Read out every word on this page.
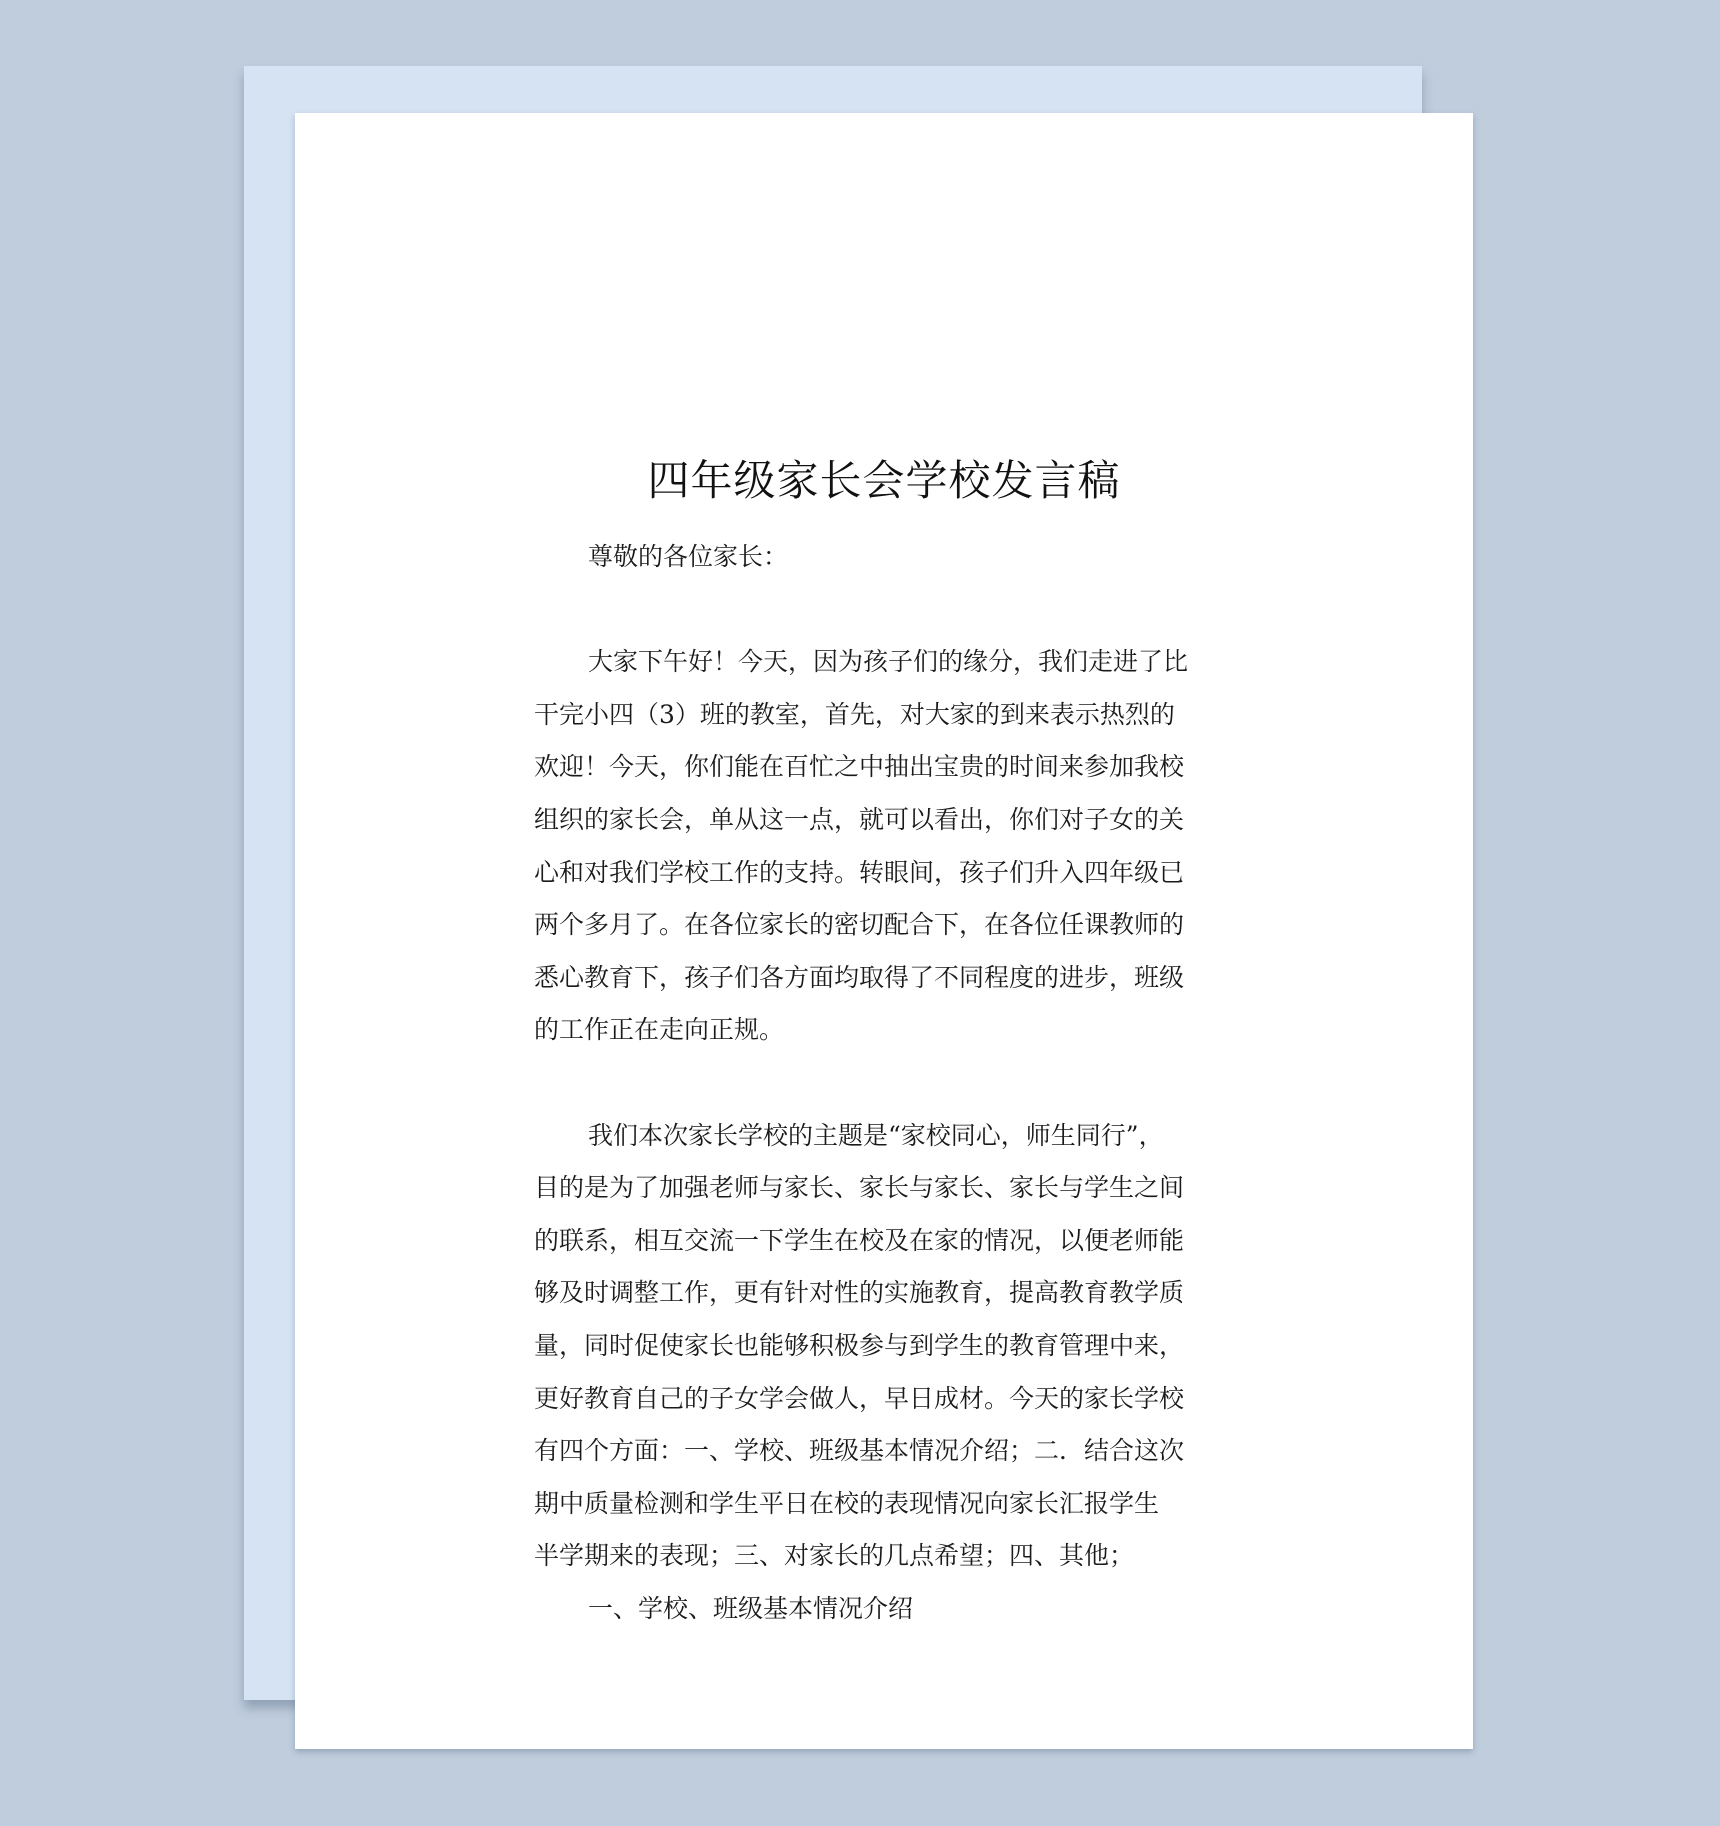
四年级家长会学校发言稿
尊敬的各位家长：
大家下午好！今天，因为孩子们的缘分，我们走进了比
干完小四（3）班的教室，首先，对大家的到来表示热烈的
欢迎！今天，你们能在百忙之中抽出宝贵的时间来参加我校
组织的家长会，单从这一点，就可以看出，你们对子女的关
心和对我们学校工作的支持。转眼间，孩子们升入四年级已
两个多月了。在各位家长的密切配合下，在各位任课教师的
悉心教育下，孩子们各方面均取得了不同程度的进步，班级
的工作正在走向正规。
我们本次家长学校的主题是“家校同心，师生同行”，
目的是为了加强老师与家长、家长与家长、家长与学生之间
的联系，相互交流一下学生在校及在家的情况，以便老师能
够及时调整工作，更有针对性的实施教育，提高教育教学质
量，同时促使家长也能够积极参与到学生的教育管理中来，
更好教育自己的子女学会做人，早日成材。今天的家长学校
有四个方面：一、学校、班级基本情况介绍；二．结合这次
期中质量检测和学生平日在校的表现情况向家长汇报学生
半学期来的表现；三、对家长的几点希望；四、其他；
一、学校、班级基本情况介绍
